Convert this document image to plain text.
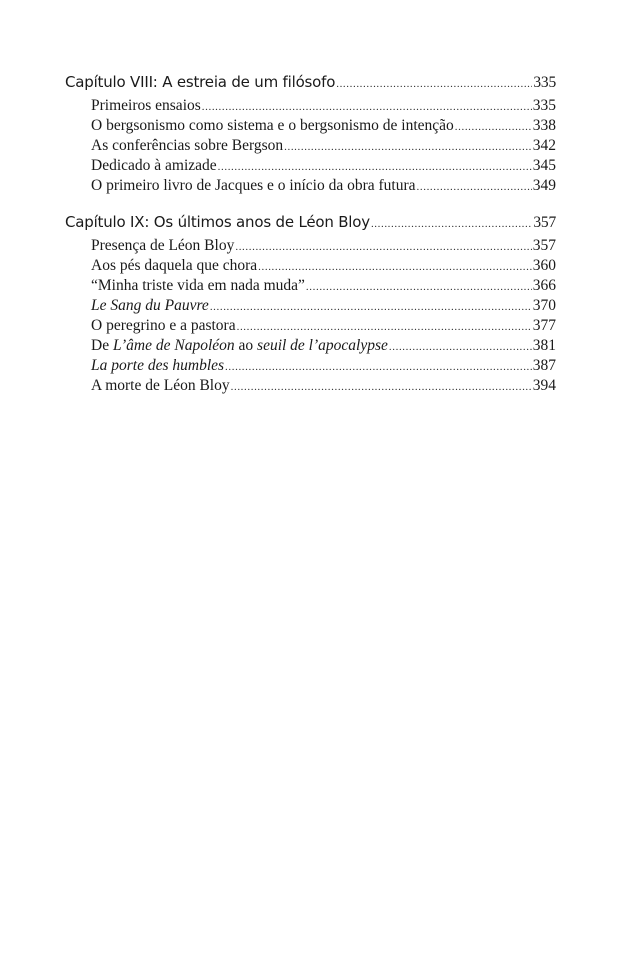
Capítulo VIII: A estreia de um filósofo .....	335
Primeiros ensaios .....	335
O bergsonismo como sistema e o bergsonismo de intenção .....	338
As conferências sobre Bergson .....	342
Dedicado à amizade .....	345
O primeiro livro de Jacques e o início da obra futura .....	349
Capítulo IX: Os últimos anos de Léon Bloy .....	357
Presença de Léon Bloy .....	357
Aos pés daquela que chora .....	360
“Minha triste vida em nada muda” .....	366
Le Sang du Pauvre .....	370
O peregrino e a pastora .....	377
De L’âme de Napoléon ao seuil de l’apocalypse .....	381
La porte des humbles .....	387
A morte de Léon Bloy .....	394
